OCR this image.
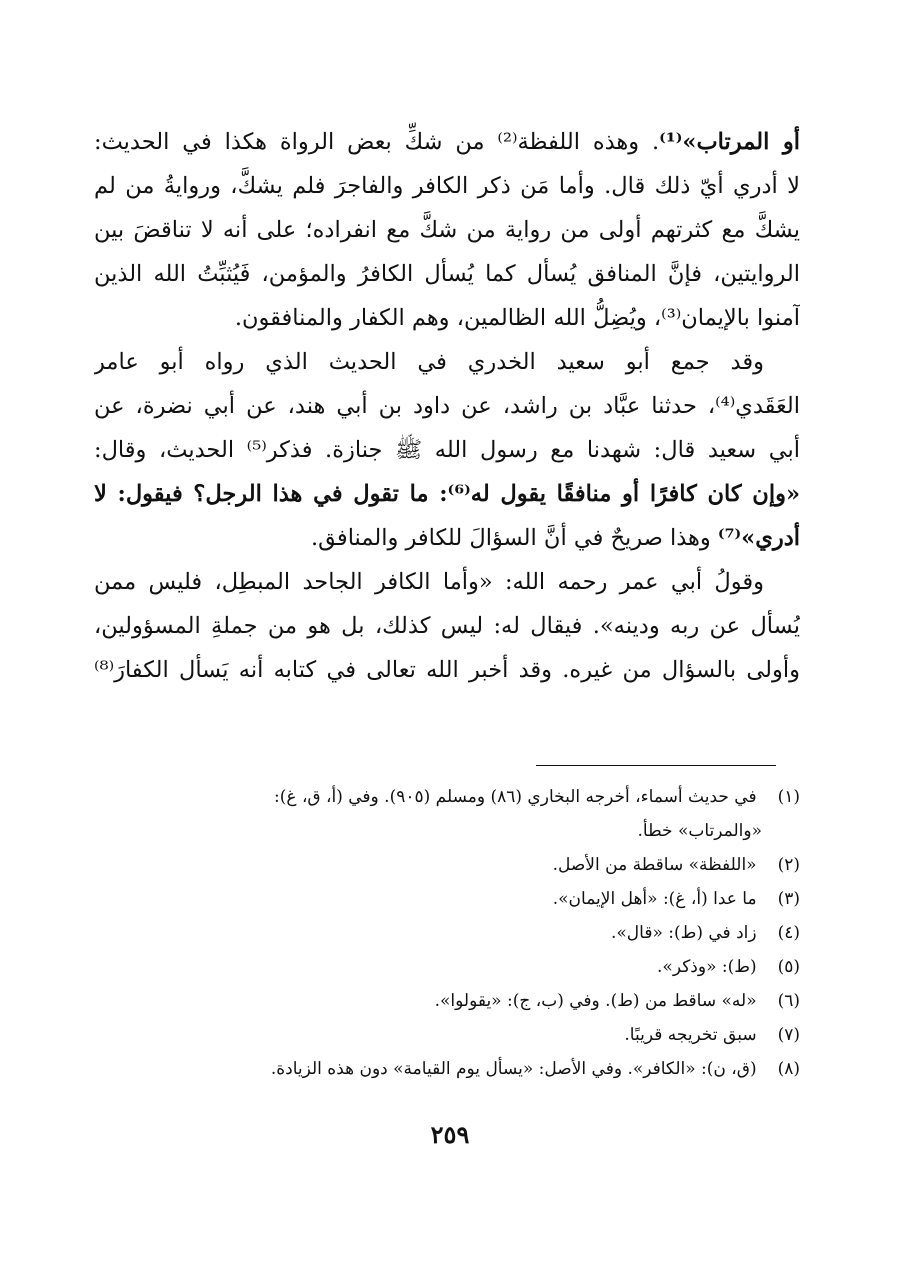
أو المرتاب»⁽¹⁾. وهذه اللفظة⁽²⁾ من شكِّ بعض الرواة هكذا في الحديث:
لا أدري أيّ ذلك قال. وأما مَن ذكر الكافر والفاجرَ فلم يشكَّ، وروايةُ من لم
يشكَّ مع كثرتهم أولى من رواية من شكَّ مع انفراده؛ على أنه لا تناقضَ بين
الروايتين، فإنَّ المنافق يُسأل كما يُسأل الكافرُ والمؤمن، فَيُثبِّتُ الله الذين
آمنوا بالإيمان⁽³⁾، ويُضِلُّ الله الظالمين، وهم الكفار والمنافقون.
وقد جمع أبو سعيد الخدري في الحديث الذي رواه أبو عامر
العَقَدي⁽⁴⁾، حدثنا عبَّاد بن راشد، عن داود بن أبي هند، عن أبي نضرة، عن
أبي سعيد قال: شهدنا مع رسول الله ﷺ جنازة. فذكر⁽⁵⁾ الحديث، وقال:
«وإن كان كافرًا أو منافقًا يقول له⁽⁶⁾: ما تقول في هذا الرجل؟ فيقول: لا
أدري»⁽⁷⁾ وهذا صريحٌ في أنَّ السؤالَ للكافر والمنافق.
وقولُ أبي عمر رحمه الله: «وأما الكافر الجاحد المبطِل، فليس ممن
يُسأل عن ربه ودينه». فيقال له: ليس كذلك، بل هو من جملةِ المسؤولين،
وأولى بالسؤال من غيره. وقد أخبر الله تعالى في كتابه أنه يَسأل الكفارَ⁽⁸⁾
(١) في حديث أسماء، أخرجه البخاري (٨٦) ومسلم (٩٠٥). وفي (أ، ق، غ):
«والمرتاب» خطأ.
(٢) «اللفظة» ساقطة من الأصل.
(٣) ما عدا (أ، غ): «أهل الإيمان».
(٤) زاد في (ط): «قال».
(٥) (ط): «وذكر».
(٦) «له» ساقط من (ط). وفي (ب، ج): «يقولوا».
(٧) سبق تخريجه قريبًا.
(٨) (ق، ن): «الكافر». وفي الأصل: «يسأل يوم القيامة» دون هذه الزيادة.
٢٥٩
